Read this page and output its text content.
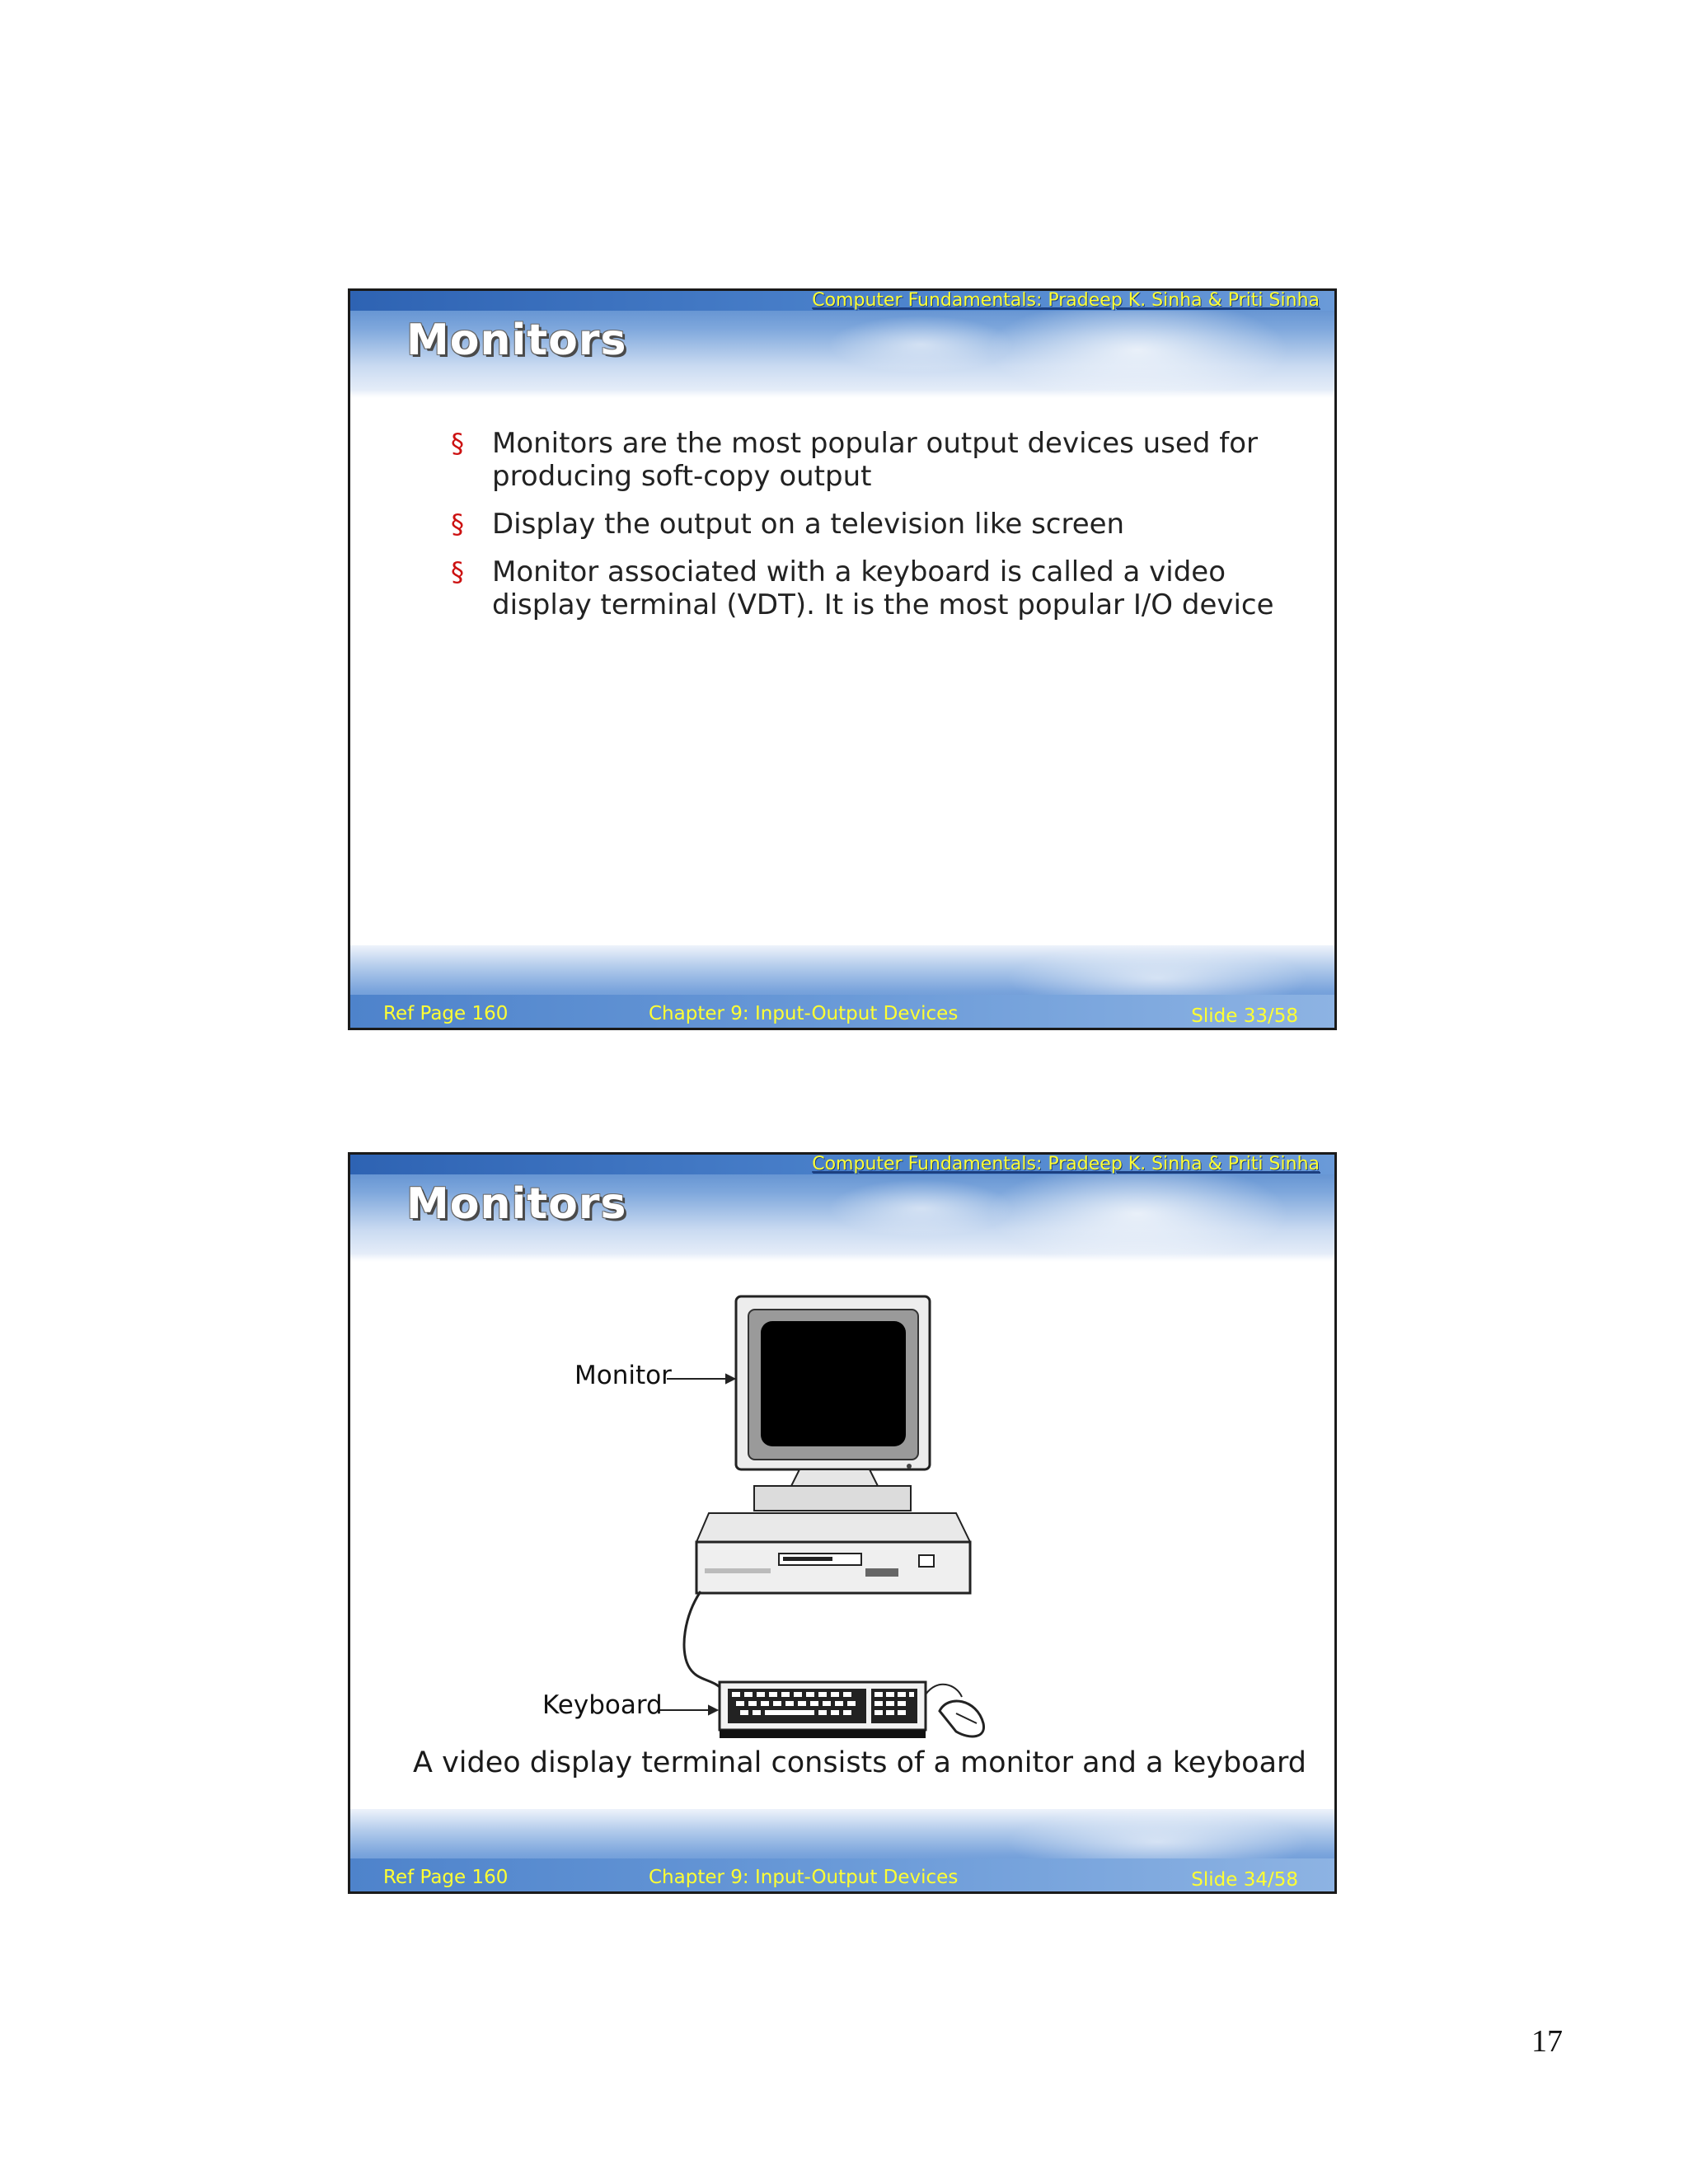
Computer Fundamentals: Pradeep K. Sinha & Priti Sinha
Monitors
§ Monitors are the most popular output devices used for producing soft-copy output
§ Display the output on a television like screen
§ Monitor associated with a keyboard is called a video display terminal (VDT). It is the most popular I/O device
Ref Page 160	Chapter 9: Input-Output Devices	Slide 33/58
Computer Fundamentals: Pradeep K. Sinha & Priti Sinha
Monitors
Monitor
Keyboard
A video display terminal consists of a monitor and a keyboard
Ref Page 160	Chapter 9: Input-Output Devices	Slide 34/58
17
